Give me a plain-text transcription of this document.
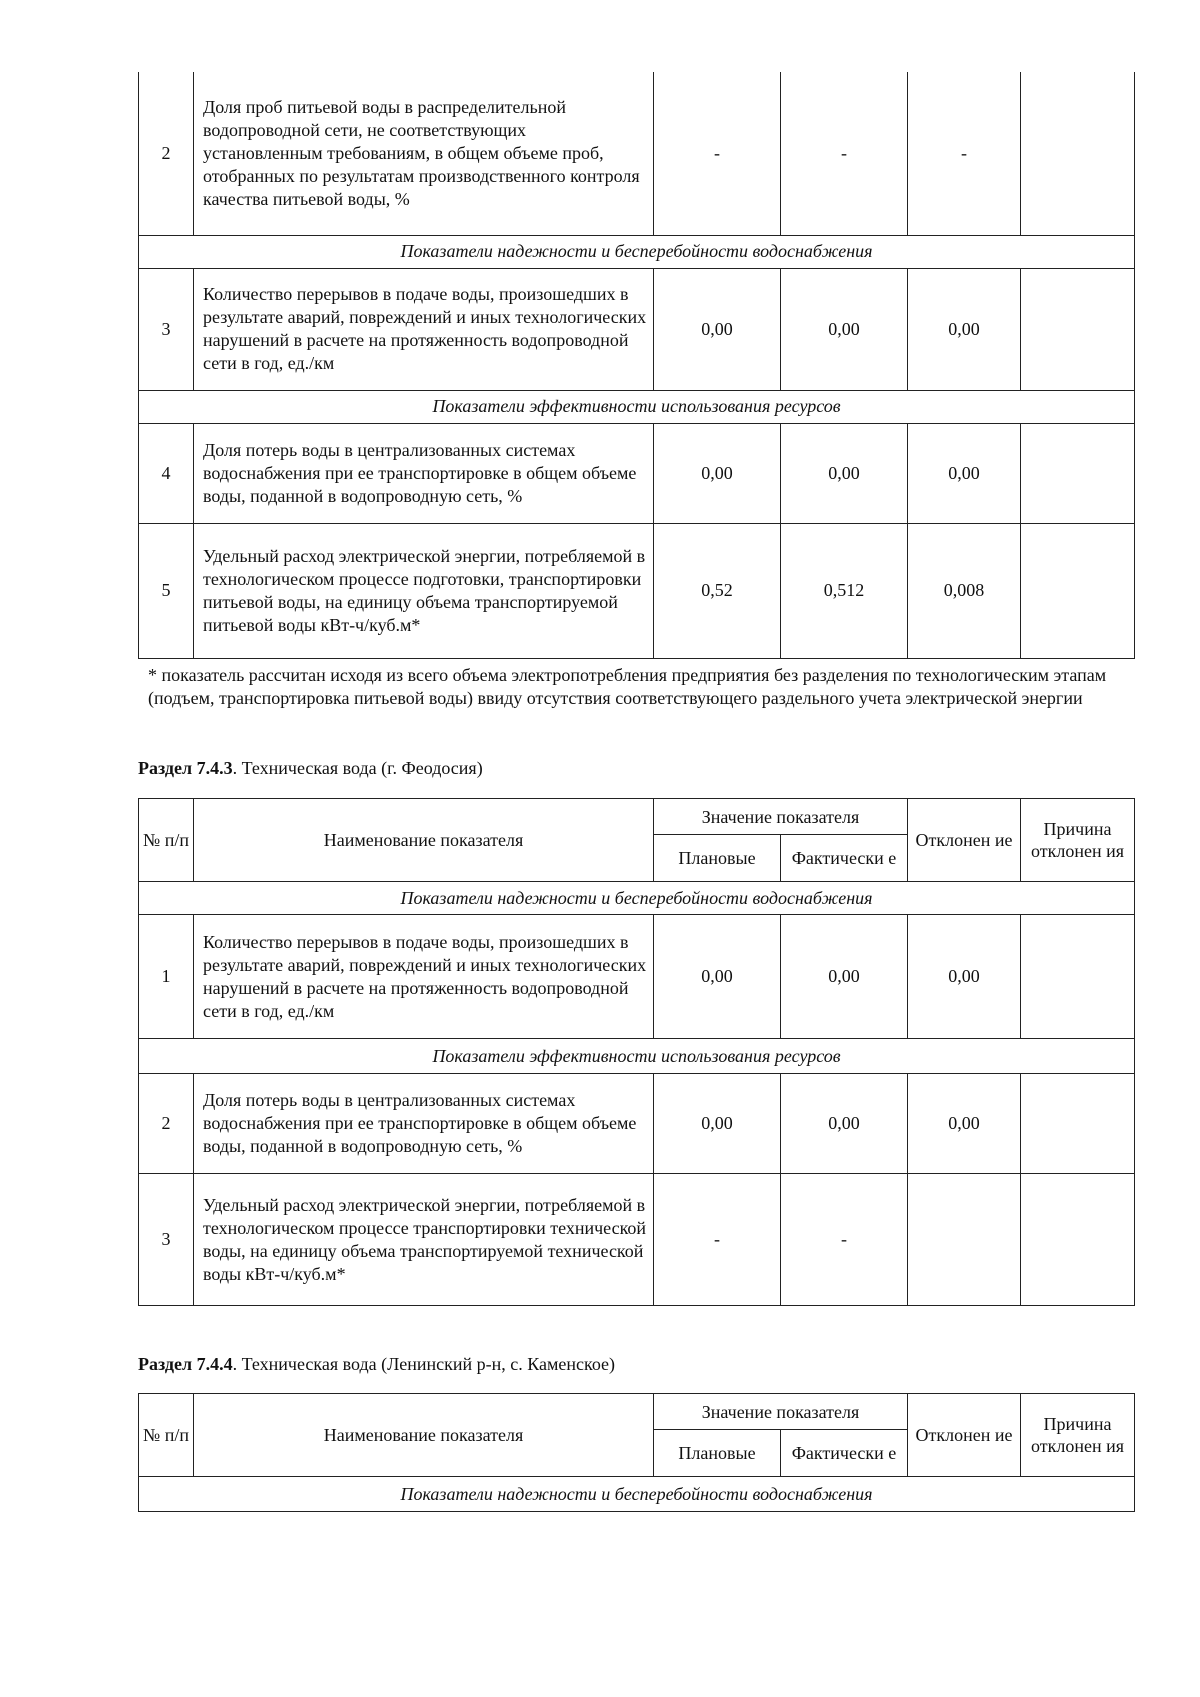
2	Доля проб питьевой воды в распределительной водопроводной сети, не соответствующих установленным требованиям, в общем объеме проб, отобранных по результатам производственного контроля качества питьевой воды, %	-	-	-	
Показатели надежности и бесперебойности водоснабжения					
3	Количество перерывов в подаче воды, произошедших в результате аварий, повреждений и иных технологических нарушений в расчете на протяженность водопроводной сети в год, ед./км	0,00	0,00	0,00	
Показатели эффективности использования ресурсов					
4	Доля потерь воды в централизованных системах водоснабжения при ее транспортировке в общем объеме воды, поданной в водопроводную сеть, %	0,00	0,00	0,00	
5	Удельный расход электрической энергии, потребляемой в технологическом процессе подготовки, транспортировки питьевой воды, на единицу объема транспортируемой питьевой воды кВт-ч/куб.м*	0,52	0,512	0,008	
* показатель рассчитан исходя из всего объема электропотребления предприятия без разделения по технологическим этапам (подъем, транспортировка питьевой воды) ввиду отсутствия соответствующего раздельного учета электрической энергии
Раздел 7.4.3. Техническая вода (г. Феодосия)
№ п/п	Наименование показателя	Значение показателя		Отклонен ие	Причина отклонен ия
		Плановые	Фактически е		
Показатели надежности и бесперебойности водоснабжения					
1	Количество перерывов в подаче воды, произошедших в результате аварий, повреждений и иных технологических нарушений в расчете на протяженность водопроводной сети в год, ед./км	0,00	0,00	0,00	
Показатели эффективности использования ресурсов					
2	Доля потерь воды в централизованных системах водоснабжения при ее транспортировке в общем объеме воды, поданной в водопроводную сеть, %	0,00	0,00	0,00	
3	Удельный расход электрической энергии, потребляемой в технологическом процессе транспортировки технической воды, на единицу объема транспортируемой технической воды кВт-ч/куб.м*	-	-		
Раздел 7.4.4. Техническая вода (Ленинский р-н, с. Каменское)
№ п/п	Наименование показателя	Значение показателя		Отклонен ие	Причина отклонен ия
		Плановые	Фактически е		
Показатели надежности и бесперебойности водоснабжения					
